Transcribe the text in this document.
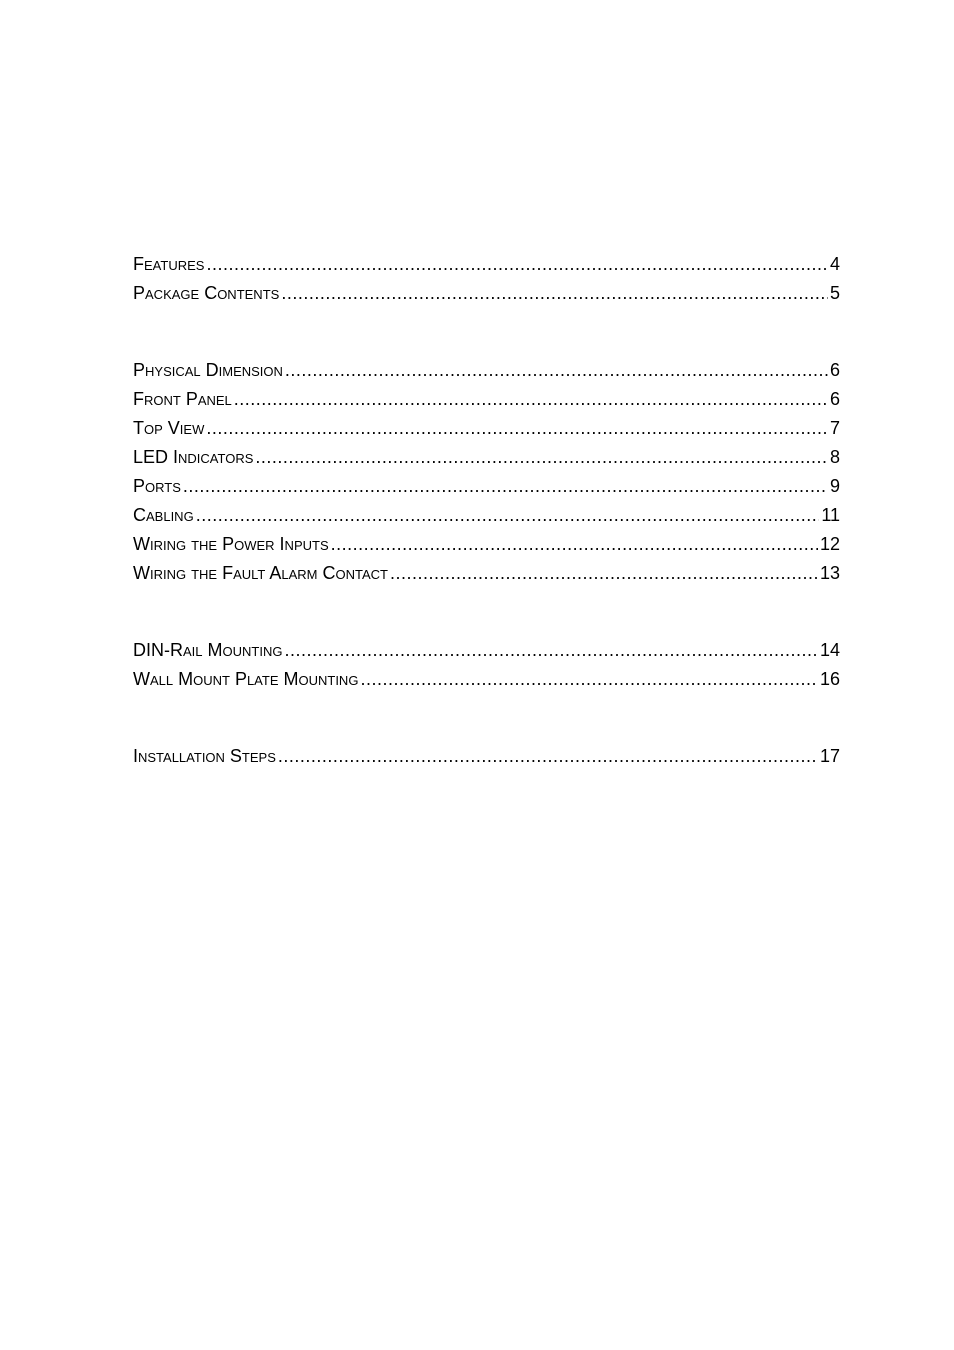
Features .....	4
Package Contents .....	5
Physical Dimension .....	6
Front Panel .....	6
Top View .....	7
LED Indicators .....	8
Ports .....	9
Cabling .....	11
Wiring the Power Inputs .....	12
Wiring the Fault Alarm Contact .....	13
DIN-Rail Mounting .....	14
Wall Mount Plate Mounting .....	16
Installation Steps .....	17
